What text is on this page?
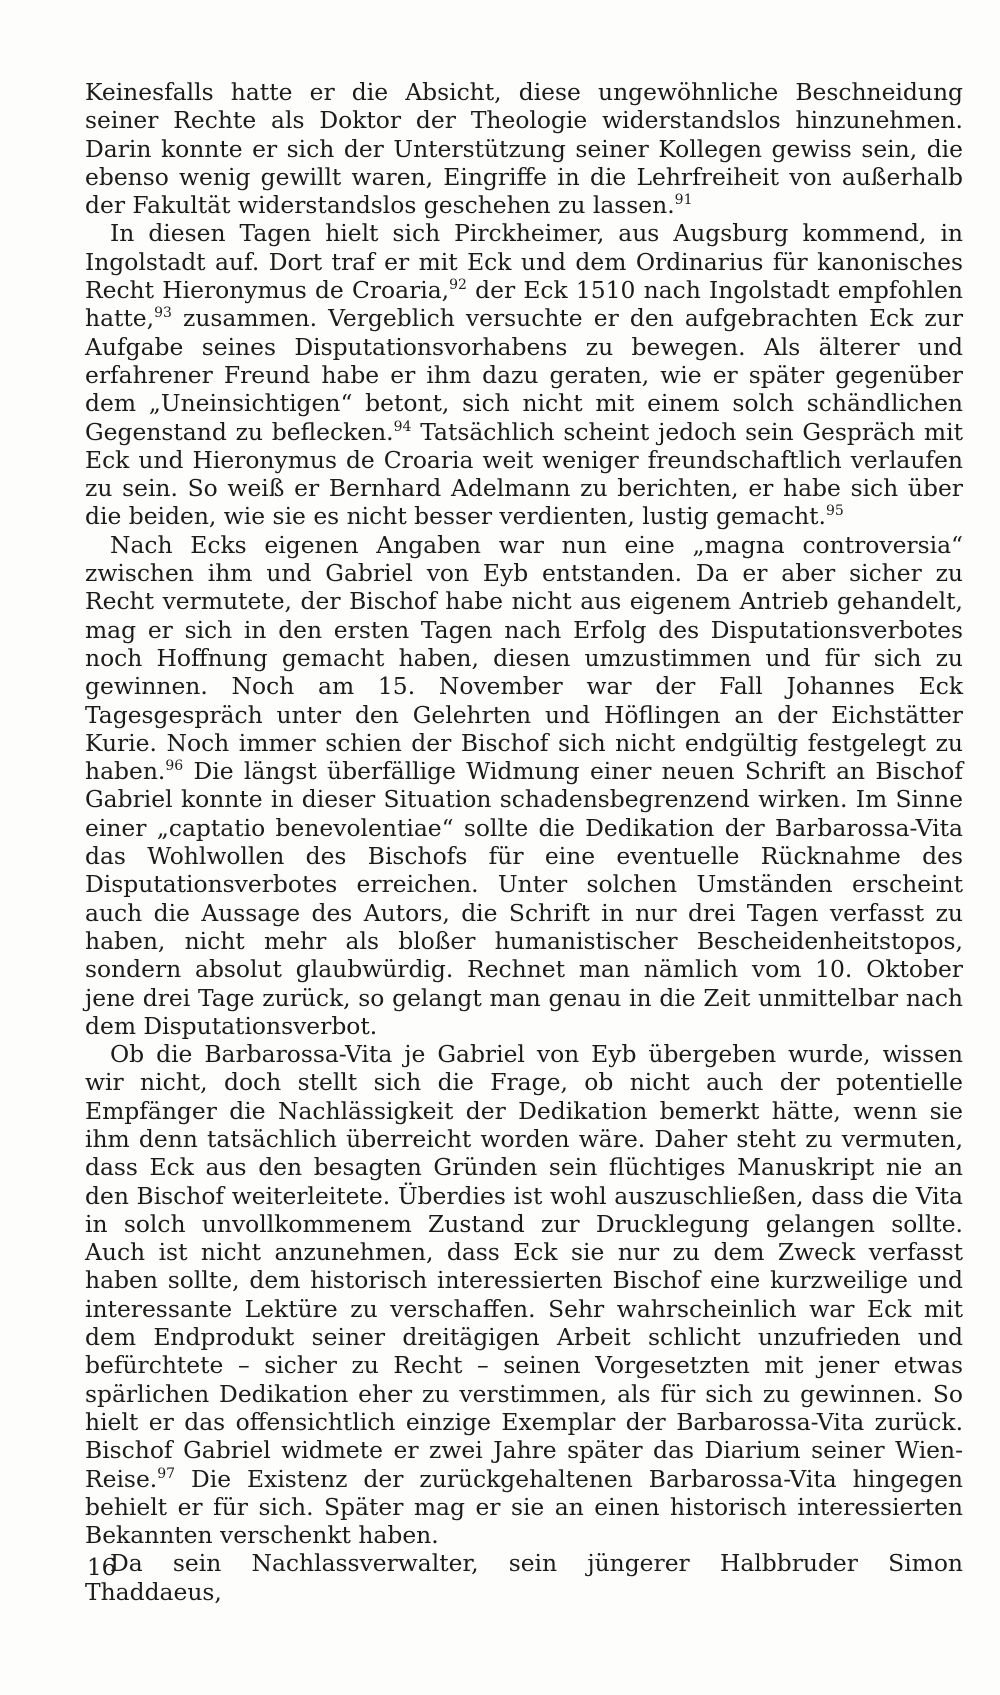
Keinesfalls hatte er die Absicht, diese ungewöhnliche Beschneidung seiner Rechte als Doktor der Theologie widerstandslos hinzunehmen. Darin konnte er sich der Unterstützung seiner Kollegen gewiss sein, die ebenso wenig gewillt waren, Eingriffe in die Lehrfreiheit von außerhalb der Fakultät widerstandslos geschehen zu lassen.$^{91}$

In diesen Tagen hielt sich Pirckheimer, aus Augsburg kommend, in Ingolstadt auf. Dort traf er mit Eck und dem Ordinarius für kanonisches Recht Hieronymus de Croaria,$^{92}$ der Eck 1510 nach Ingolstadt empfohlen hatte,$^{93}$ zusammen. Vergeblich versuchte er den aufgebrachten Eck zur Aufgabe seines Disputationsvorhabens zu bewegen. Als älterer und erfahrener Freund habe er ihm dazu geraten, wie er später gegenüber dem „Uneinsichtigen“ betont, sich nicht mit einem solch schändlichen Gegenstand zu beflecken.$^{94}$ Tatsächlich scheint jedoch sein Gespräch mit Eck und Hieronymus de Croaria weit weniger freundschaftlich verlaufen zu sein. So weiß er Bernhard Adelmann zu berichten, er habe sich über die beiden, wie sie es nicht besser verdienten, lustig gemacht.$^{95}$

Nach Ecks eigenen Angaben war nun eine „magna controversia“ zwischen ihm und Gabriel von Eyb entstanden. Da er aber sicher zu Recht vermutete, der Bischof habe nicht aus eigenem Antrieb gehandelt, mag er sich in den ersten Tagen nach Erfolg des Disputationsverbotes noch Hoffnung gemacht haben, diesen umzustimmen und für sich zu gewinnen. Noch am 15. November war der Fall Johannes Eck Tagesgespräch unter den Gelehrten und Höflingen an der Eichstätter Kurie. Noch immer schien der Bischof sich nicht endgültig festgelegt zu haben.$^{96}$ Die längst überfällige Widmung einer neuen Schrift an Bischof Gabriel konnte in dieser Situation schadensbegrenzend wirken. Im Sinne einer „captatio benevolentiae“ sollte die Dedikation der Barbarossa-Vita das Wohlwollen des Bischofs für eine eventuelle Rücknahme des Disputationsverbotes erreichen. Unter solchen Umständen erscheint auch die Aussage des Autors, die Schrift in nur drei Tagen verfasst zu haben, nicht mehr als bloßer humanistischer Bescheidenheitstopos, sondern absolut glaubwürdig. Rechnet man nämlich vom 10. Oktober jene drei Tage zurück, so gelangt man genau in die Zeit unmittelbar nach dem Disputationsverbot.

Ob die Barbarossa-Vita je Gabriel von Eyb übergeben wurde, wissen wir nicht, doch stellt sich die Frage, ob nicht auch der potentielle Empfänger die Nachlässigkeit der Dedikation bemerkt hätte, wenn sie ihm denn tatsächlich überreicht worden wäre. Daher steht zu vermuten, dass Eck aus den besagten Gründen sein flüchtiges Manuskript nie an den Bischof weiterleitete. Überdies ist wohl auszuschließen, dass die Vita in solch unvollkommenem Zustand zur Drucklegung gelangen sollte. Auch ist nicht anzunehmen, dass Eck sie nur zu dem Zweck verfasst haben sollte, dem historisch interessierten Bischof eine kurzweilige und interessante Lektüre zu verschaffen. Sehr wahrscheinlich war Eck mit dem Endprodukt seiner dreitägigen Arbeit schlicht unzufrieden und befürchtete – sicher zu Recht – seinen Vorgesetzten mit jener etwas spärlichen Dedikation eher zu verstimmen, als für sich zu gewinnen. So hielt er das offensichtlich einzige Exemplar der Barbarossa-Vita zurück. Bischof Gabriel widmete er zwei Jahre später das Diarium seiner Wien-Reise.$^{97}$ Die Existenz der zurückgehaltenen Barbarossa-Vita hingegen behielt er für sich. Später mag er sie an einen historisch interessierten Bekannten verschenkt haben.

Da sein Nachlassverwalter, sein jüngerer Halbbruder Simon Thaddaeus,

16
